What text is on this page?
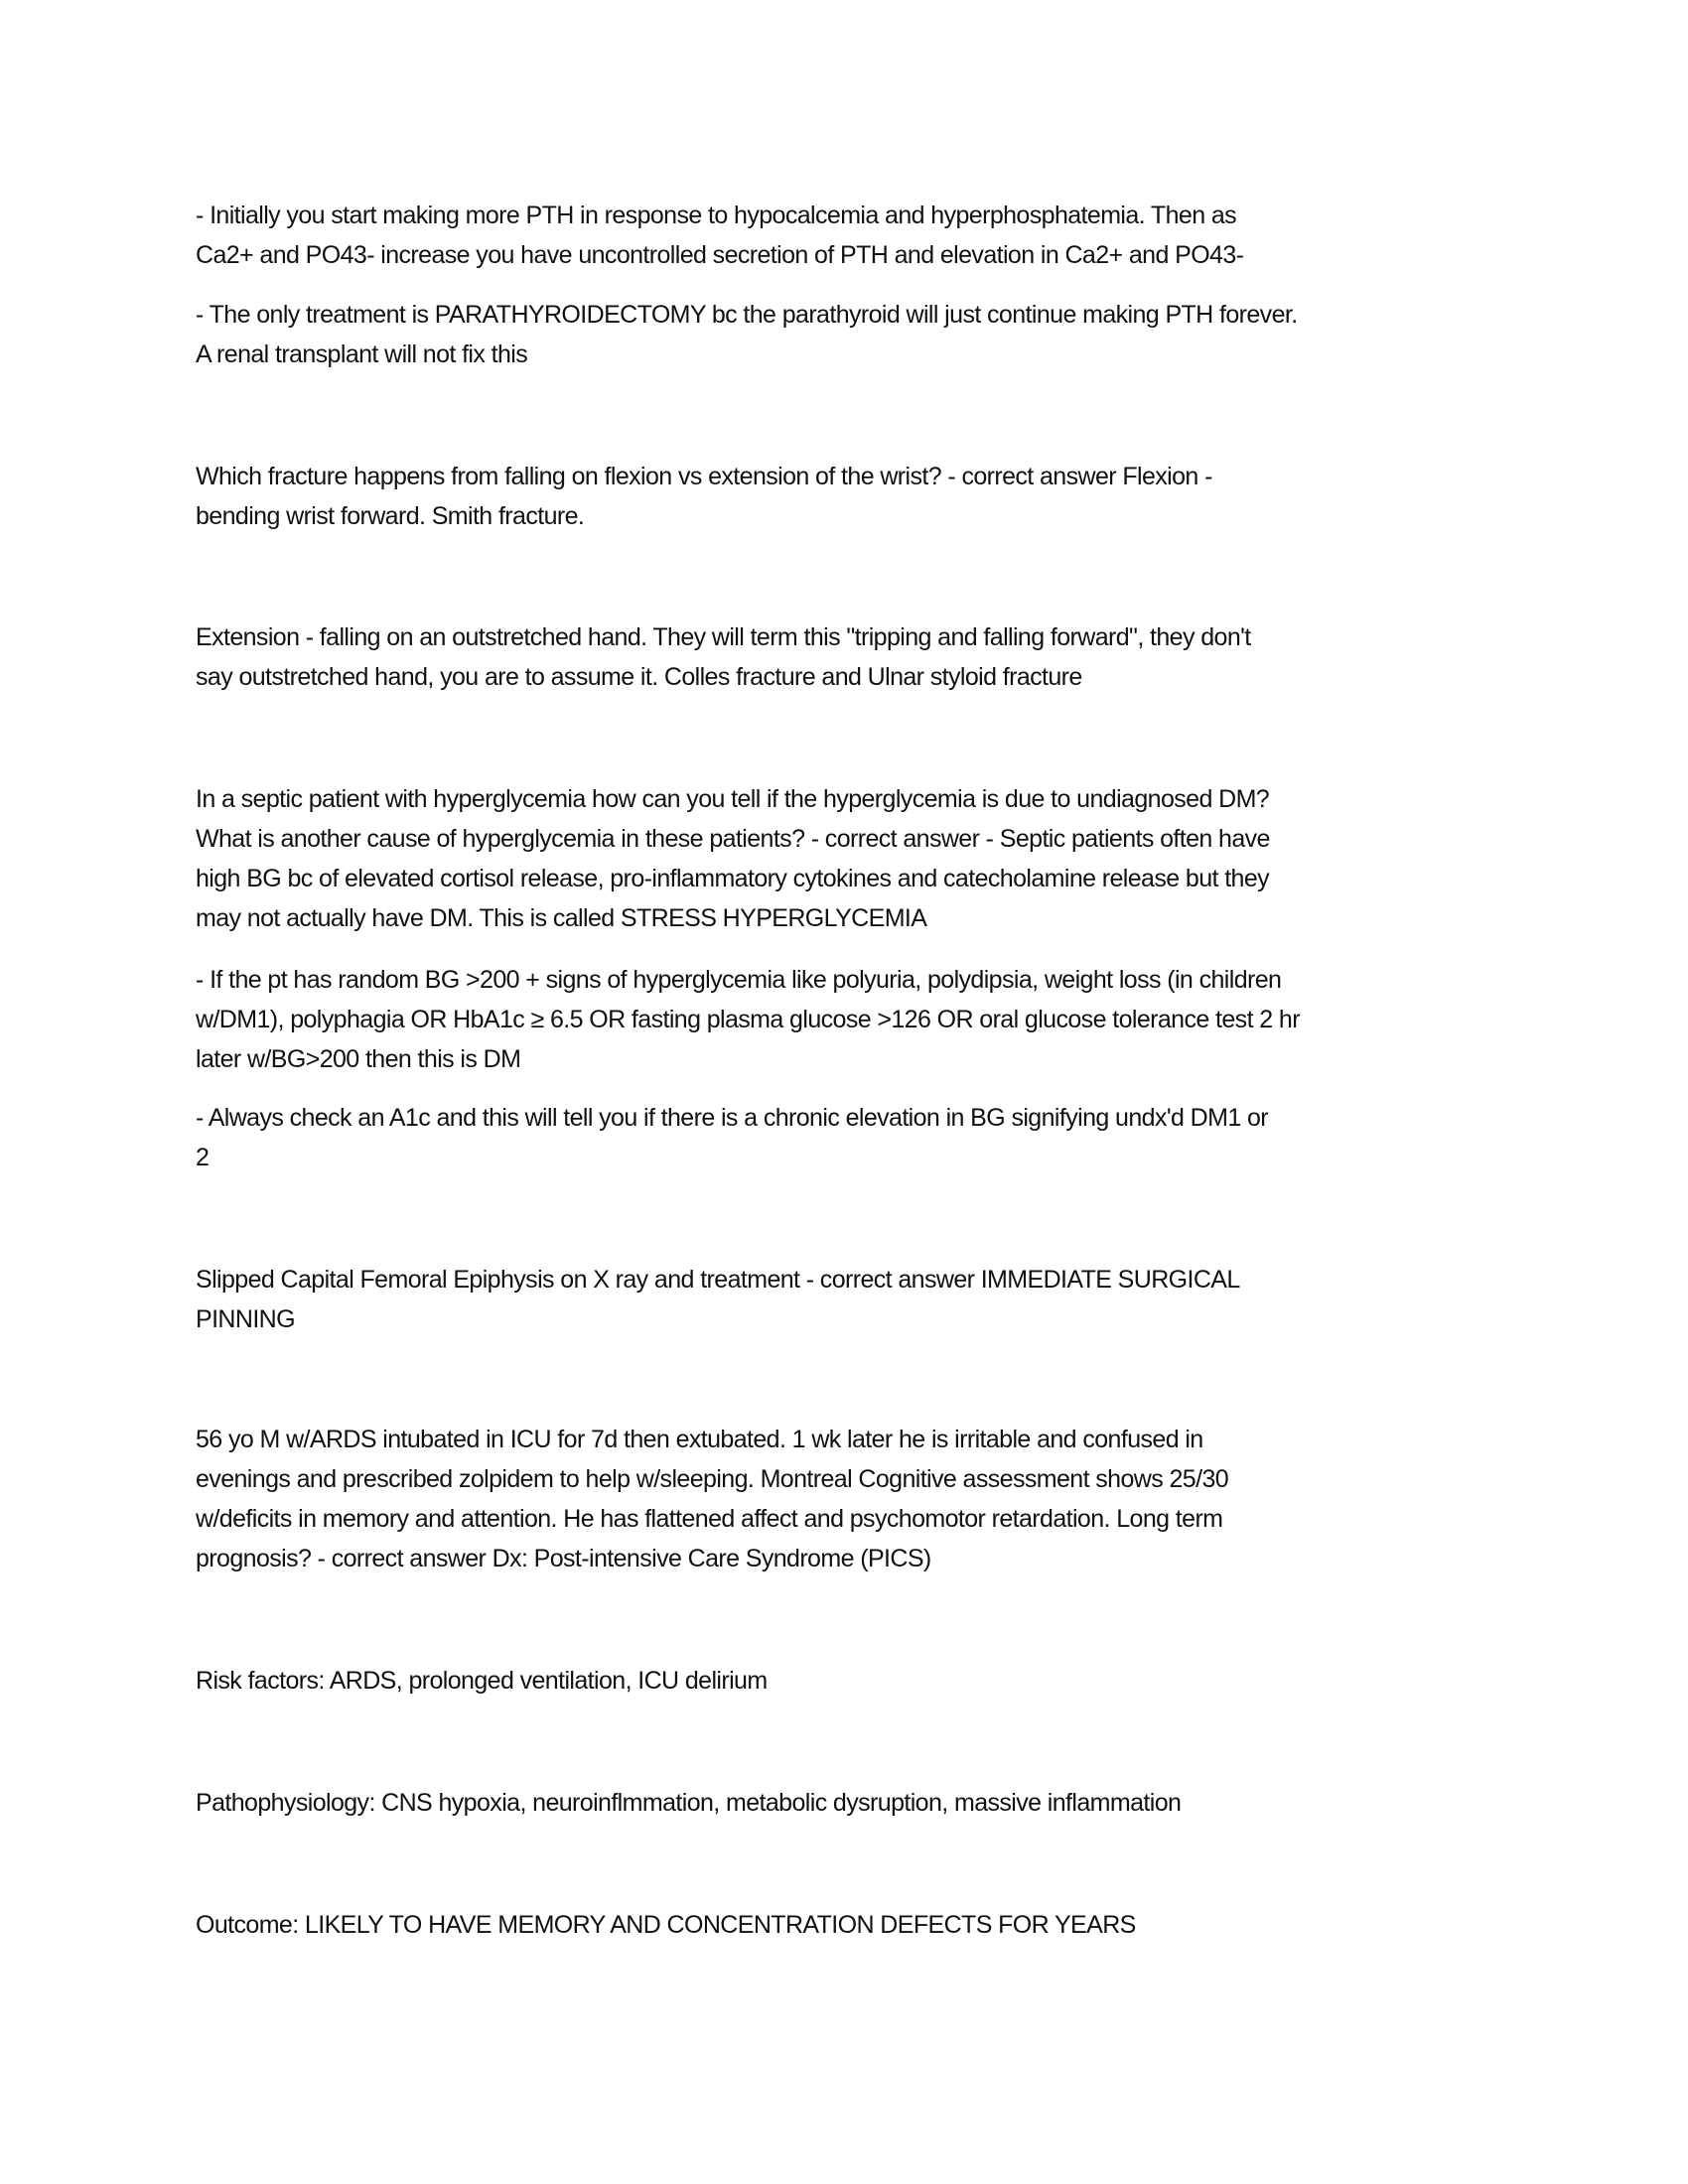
- Initially you start making more PTH in response to hypocalcemia and hyperphosphatemia. Then as
Ca2+ and PO43- increase you have uncontrolled secretion of PTH and elevation in Ca2+ and PO43-
- The only treatment is PARATHYROIDECTOMY bc the parathyroid will just continue making PTH forever.
A renal transplant will not fix this
Which fracture happens from falling on flexion vs extension of the wrist? - correct answer Flexion -
bending wrist forward. Smith fracture.
Extension - falling on an outstretched hand. They will term this "tripping and falling forward", they don't
say outstretched hand, you are to assume it. Colles fracture and Ulnar styloid fracture
In a septic patient with hyperglycemia how can you tell if the hyperglycemia is due to undiagnosed DM?
What is another cause of hyperglycemia in these patients? - correct answer - Septic patients often have
high BG bc of elevated cortisol release, pro-inflammatory cytokines and catecholamine release but they
may not actually have DM. This is called STRESS HYPERGLYCEMIA
- If the pt has random BG >200 + signs of hyperglycemia like polyuria, polydipsia, weight loss (in children
w/DM1), polyphagia OR HbA1c ≥ 6.5 OR fasting plasma glucose >126 OR oral glucose tolerance test 2 hr
later w/BG>200 then this is DM
- Always check an A1c and this will tell you if there is a chronic elevation in BG signifying undx'd DM1 or
2
Slipped Capital Femoral Epiphysis on X ray and treatment - correct answer IMMEDIATE SURGICAL
PINNING
56 yo M w/ARDS intubated in ICU for 7d then extubated. 1 wk later he is irritable and confused in
evenings and prescribed zolpidem to help w/sleeping. Montreal Cognitive assessment shows 25/30
w/deficits in memory and attention. He has flattened affect and psychomotor retardation. Long term
prognosis? - correct answer Dx: Post-intensive Care Syndrome (PICS)
Risk factors: ARDS, prolonged ventilation, ICU delirium
Pathophysiology: CNS hypoxia, neuroinflmmation, metabolic dysruption, massive inflammation
Outcome: LIKELY TO HAVE MEMORY AND CONCENTRATION DEFECTS FOR YEARS
